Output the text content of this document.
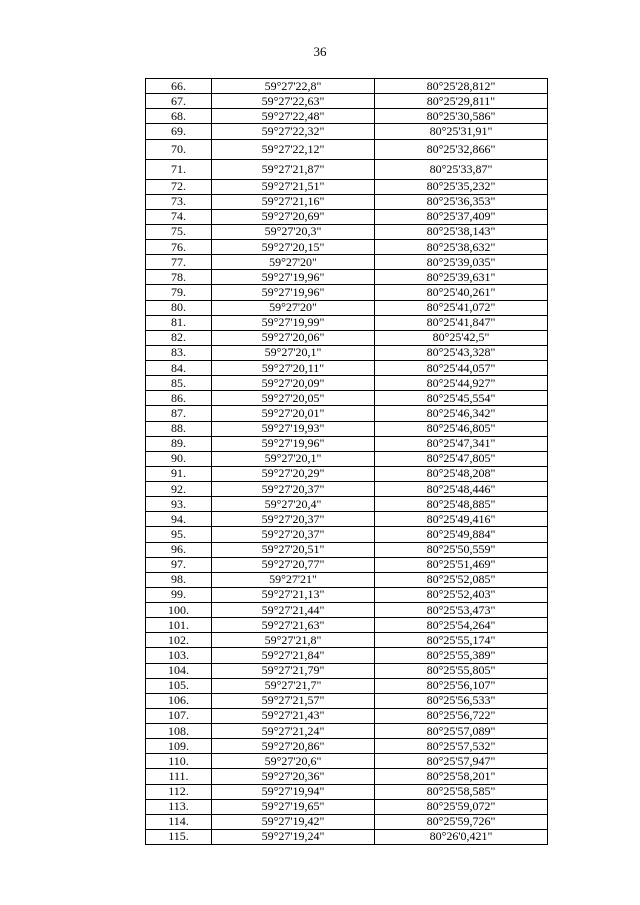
36
66.	59°27'22,8"	80°25'28,812"
67.	59°27'22,63"	80°25'29,811"
68.	59°27'22,48"	80°25'30,586"
69.	59°27'22,32"	80°25'31,91"
70.	59°27'22,12"	80°25'32,866"
71.	59°27'21,87"	80°25'33,87"
72.	59°27'21,51"	80°25'35,232"
73.	59°27'21,16"	80°25'36,353"
74.	59°27'20,69"	80°25'37,409"
75.	59°27'20,3"	80°25'38,143"
76.	59°27'20,15"	80°25'38,632"
77.	59°27'20"	80°25'39,035"
78.	59°27'19,96"	80°25'39,631"
79.	59°27'19,96"	80°25'40,261"
80.	59°27'20"	80°25'41,072"
81.	59°27'19,99"	80°25'41,847"
82.	59°27'20,06"	80°25'42,5"
83.	59°27'20,1"	80°25'43,328"
84.	59°27'20,11"	80°25'44,057"
85.	59°27'20,09"	80°25'44,927"
86.	59°27'20,05"	80°25'45,554"
87.	59°27'20,01"	80°25'46,342"
88.	59°27'19,93"	80°25'46,805"
89.	59°27'19,96"	80°25'47,341"
90.	59°27'20,1"	80°25'47,805"
91.	59°27'20,29"	80°25'48,208"
92.	59°27'20,37"	80°25'48,446"
93.	59°27'20,4"	80°25'48,885"
94.	59°27'20,37"	80°25'49,416"
95.	59°27'20,37"	80°25'49,884"
96.	59°27'20,51"	80°25'50,559"
97.	59°27'20,77"	80°25'51,469"
98.	59°27'21"	80°25'52,085"
99.	59°27'21,13"	80°25'52,403"
100.	59°27'21,44"	80°25'53,473"
101.	59°27'21,63"	80°25'54,264"
102.	59°27'21,8"	80°25'55,174"
103.	59°27'21,84"	80°25'55,389"
104.	59°27'21,79"	80°25'55,805"
105.	59°27'21,7"	80°25'56,107"
106.	59°27'21,57"	80°25'56,533"
107.	59°27'21,43"	80°25'56,722"
108.	59°27'21,24"	80°25'57,089"
109.	59°27'20,86"	80°25'57,532"
110.	59°27'20,6"	80°25'57,947"
111.	59°27'20,36"	80°25'58,201"
112.	59°27'19,94"	80°25'58,585"
113.	59°27'19,65"	80°25'59,072"
114.	59°27'19,42"	80°25'59,726"
115.	59°27'19,24"	80°26'0,421"
